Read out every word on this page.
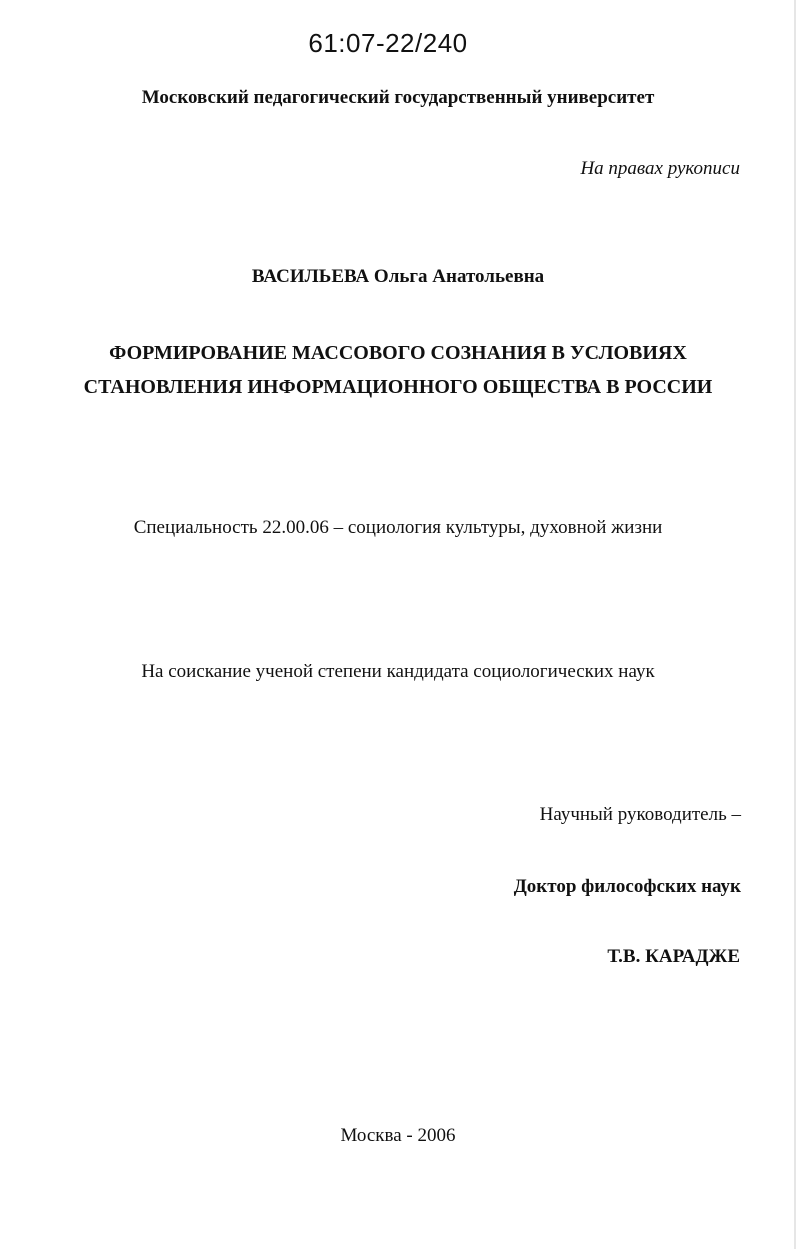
61:07-22/240
Московский педагогический государственный университет
На правах рукописи
ВАСИЛЬЕВА Ольга Анатольевна
ФОРМИРОВАНИЕ МАССОВОГО СОЗНАНИЯ В УСЛОВИЯХ
СТАНОВЛЕНИЯ ИНФОРМАЦИОННОГО ОБЩЕСТВА В РОССИИ
Специальность 22.00.06 – социология культуры, духовной жизни
На соискание ученой степени кандидата социологических наук
Научный руководитель –
Доктор философских наук
Т.В. КАРАДЖЕ
Москва - 2006
